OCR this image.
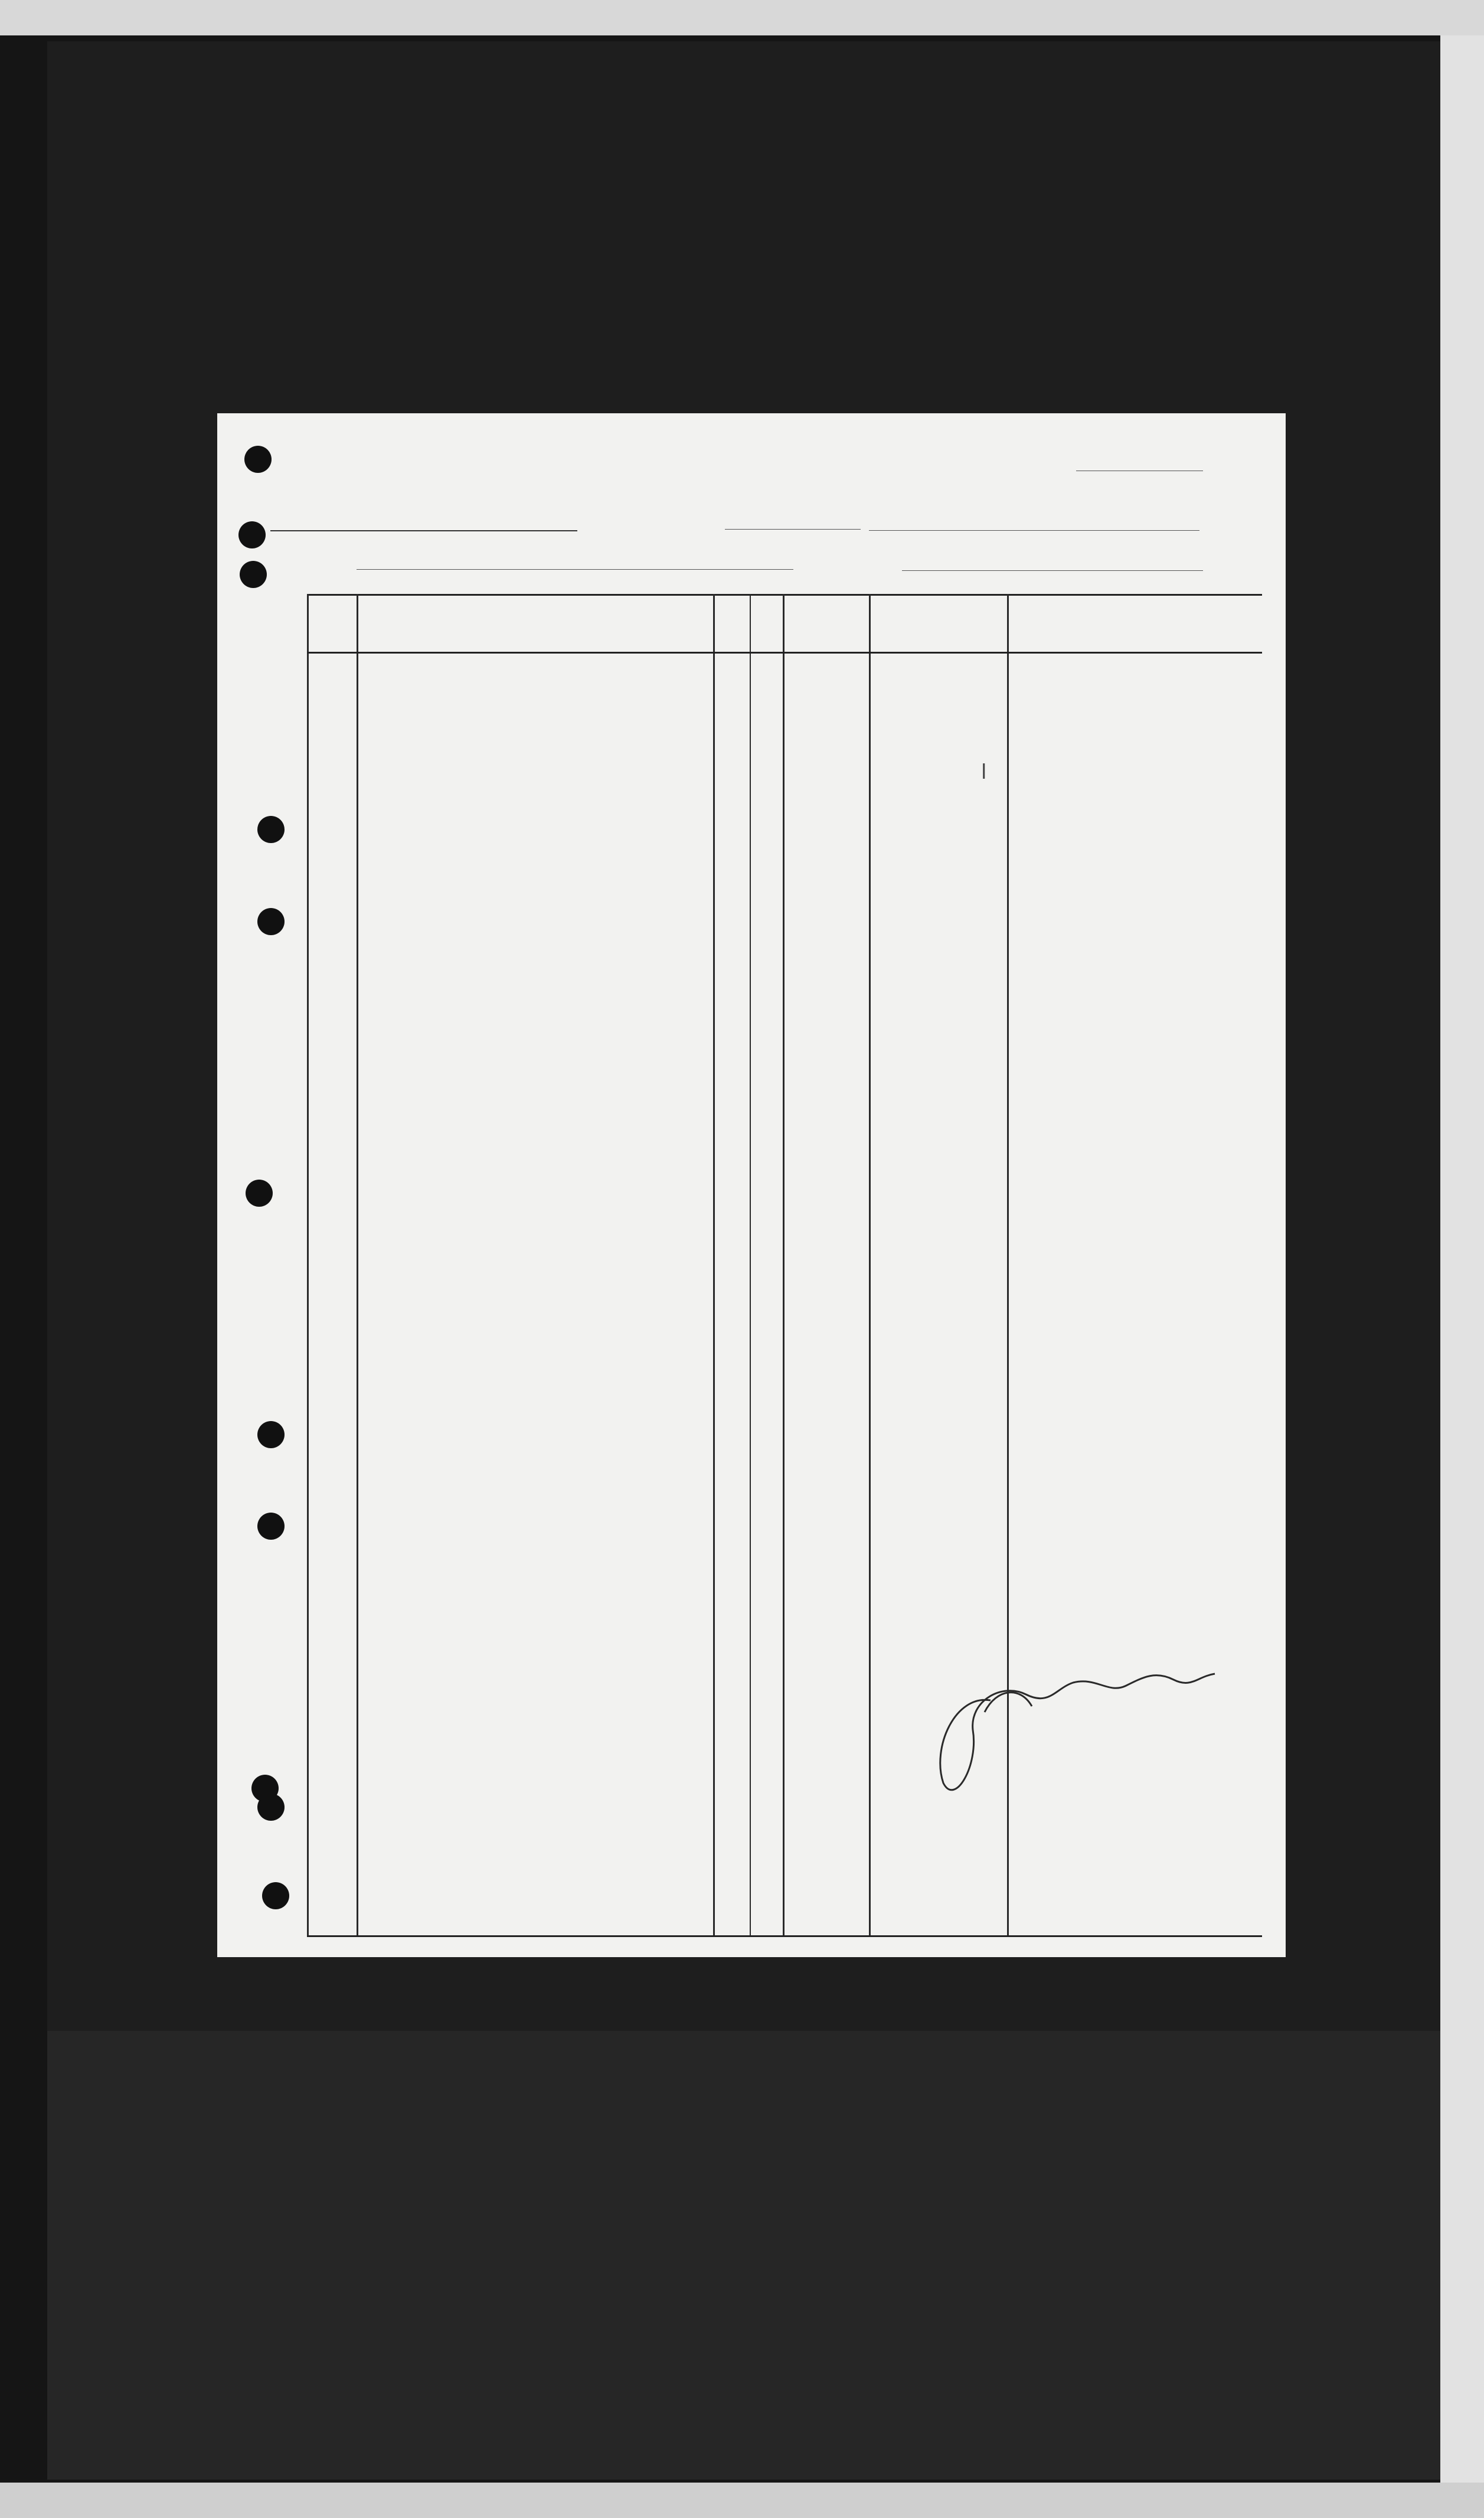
ⅼ
